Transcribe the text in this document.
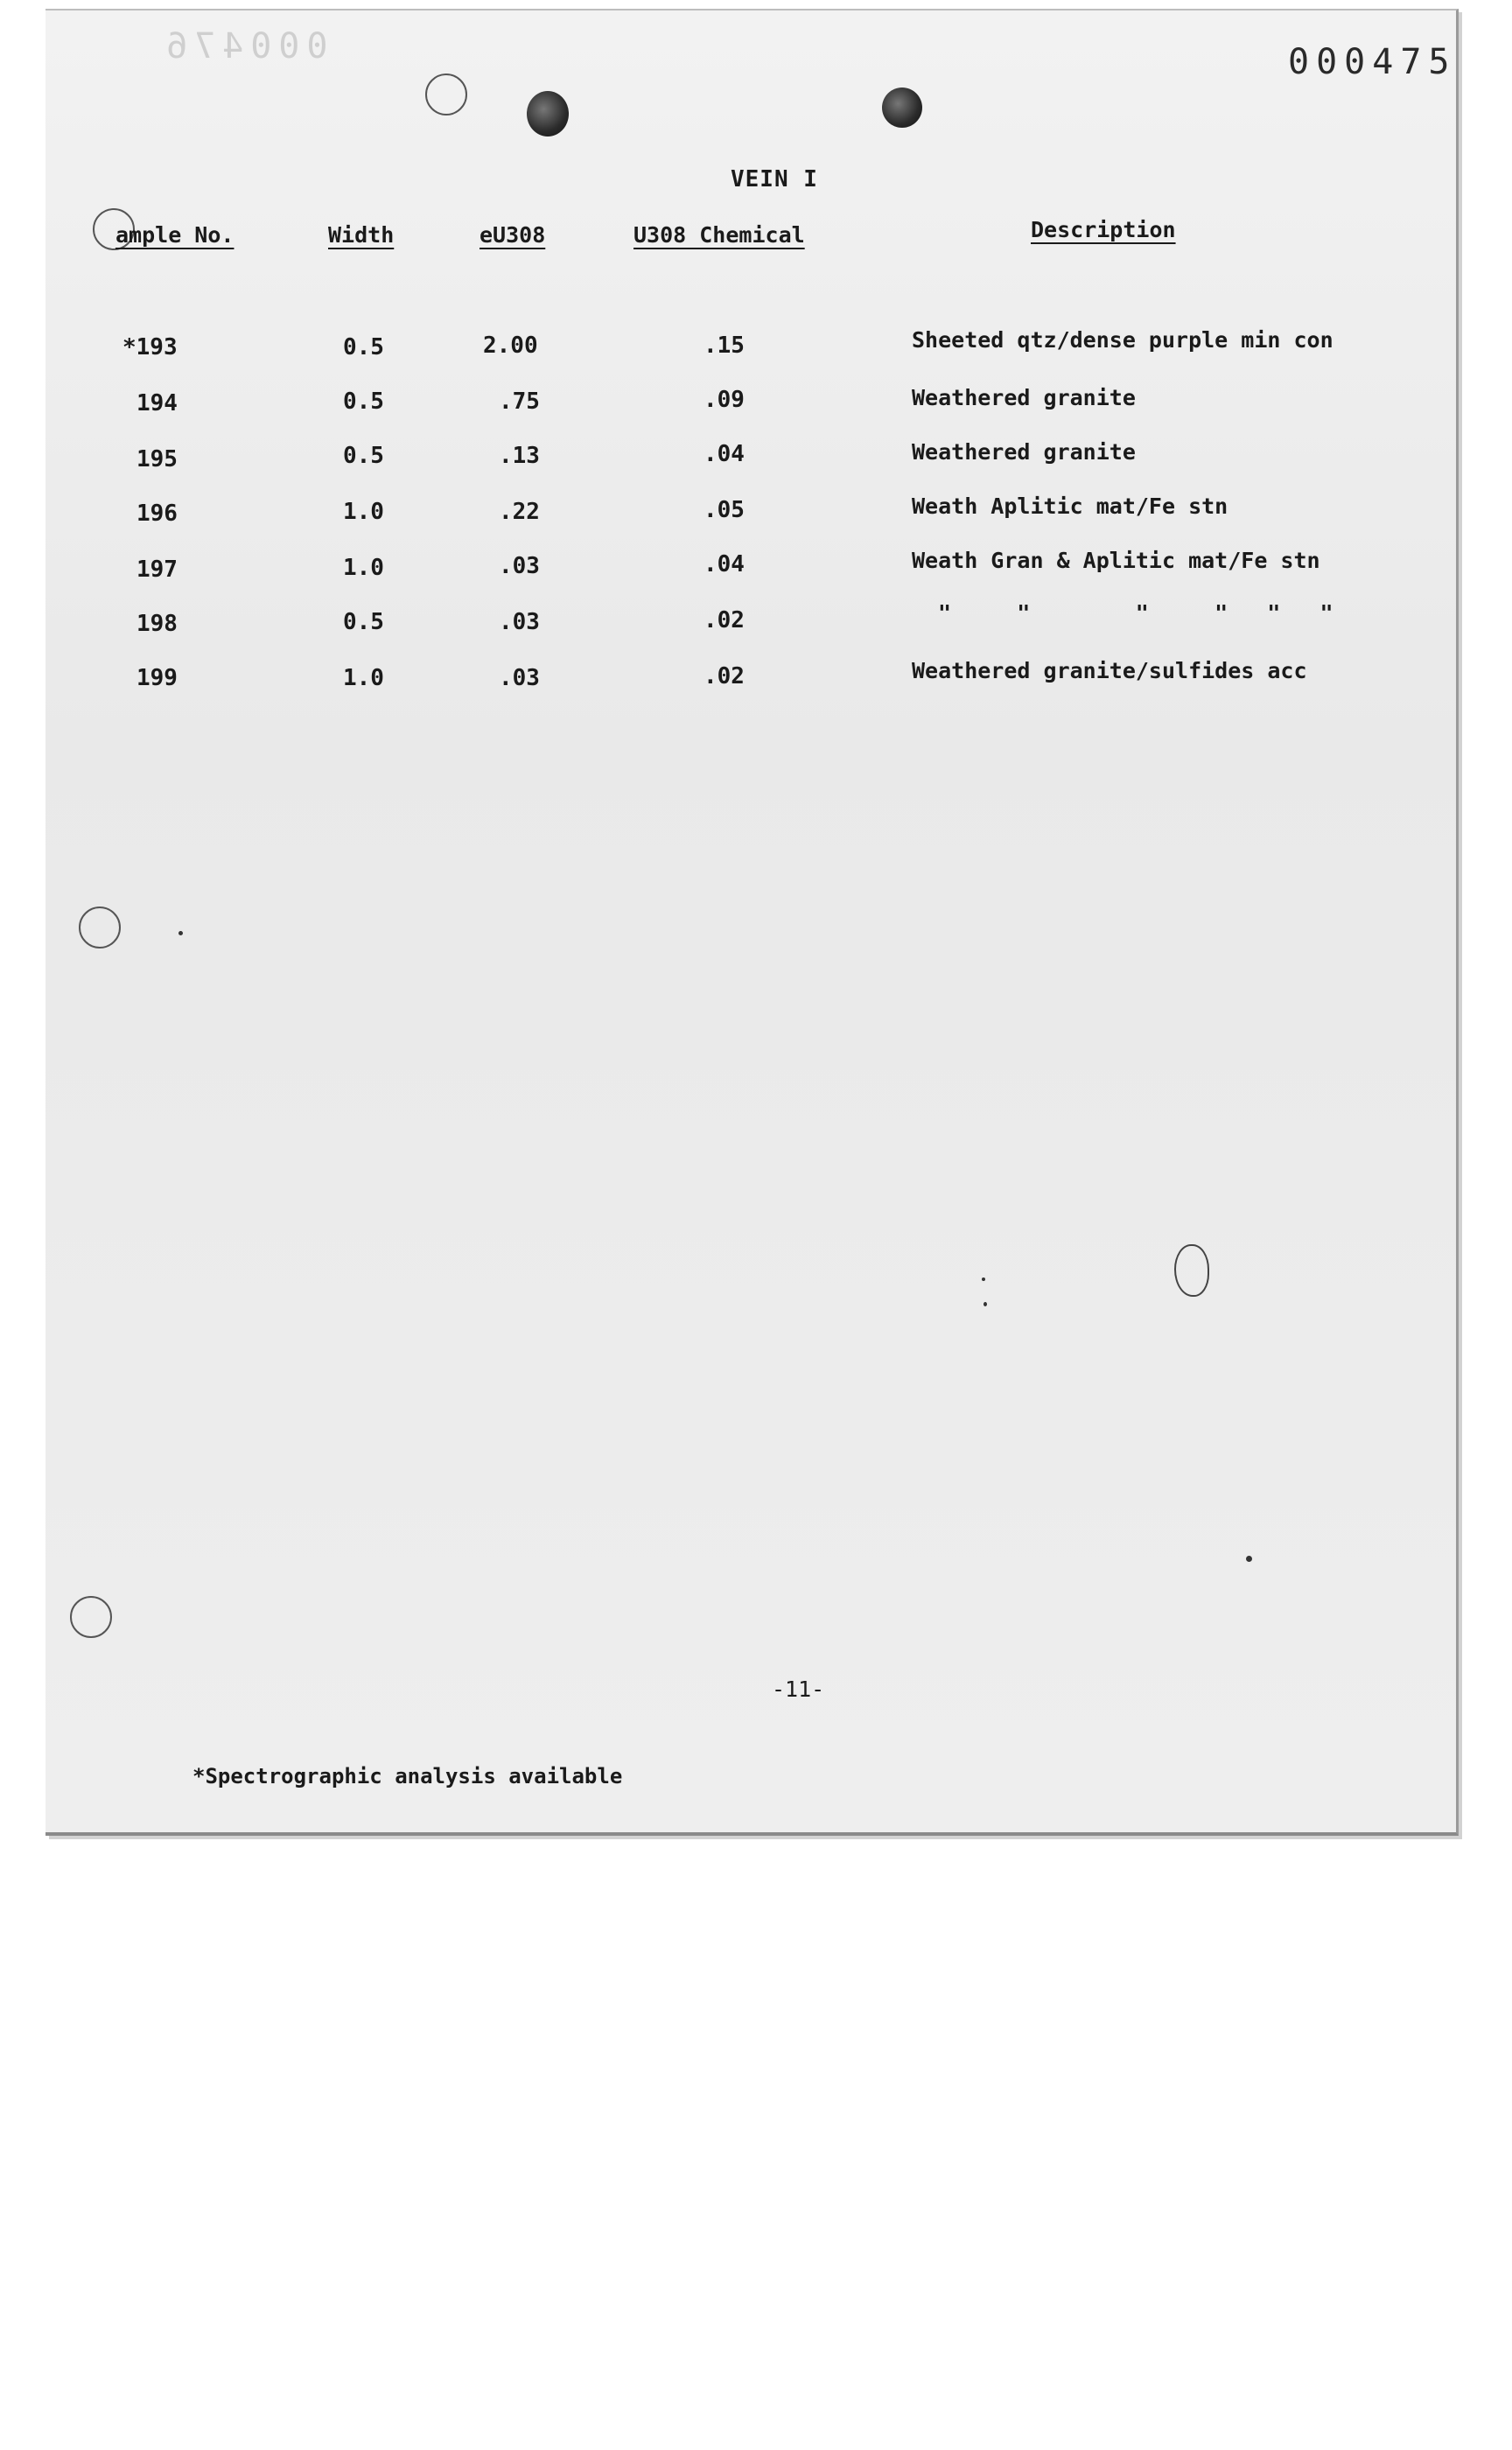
000476	000475
VEIN I
ample No.	Width	eU308	U308 Chemical	Description
*193	0.5	2.00	.15	Sheeted qtz/dense purple min con
194	0.5	.75	.09	Weathered granite
195	0.5	.13	.04	Weathered granite
196	1.0	.22	.05	Weath Aplitic mat/Fe stn
197	1.0	.03	.04	Weath Gran & Aplitic mat/Fe stn
198	0.5	.03	.02	"     "        "     "   "   "
199	1.0	.03	.02	Weathered granite/sulfides acc
-11-
*Spectrographic analysis available
